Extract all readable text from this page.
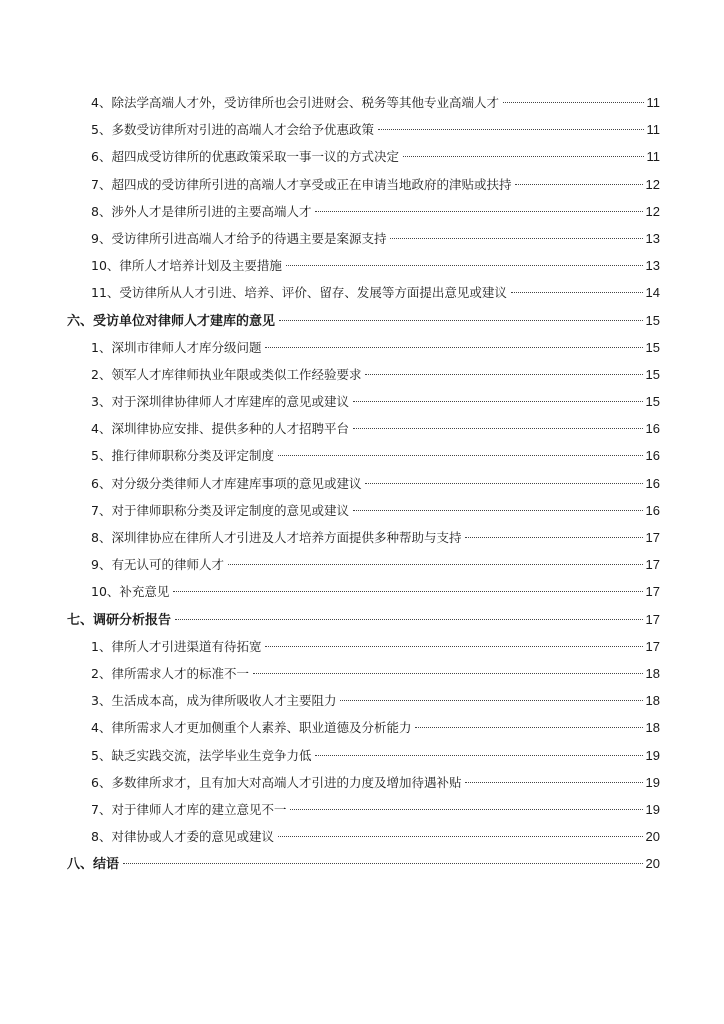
4、除法学高端人才外，受访律所也会引进财会、税务等其他专业高端人才	11
5、多数受访律所对引进的高端人才会给予优惠政策	11
6、超四成受访律所的优惠政策采取一事一议的方式决定	11
7、超四成的受访律所引进的高端人才享受或正在申请当地政府的津贴或扶持	12
8、涉外人才是律所引进的主要高端人才	12
9、受访律所引进高端人才给予的待遇主要是案源支持	13
10、律所人才培养计划及主要措施	13
11、受访律所从人才引进、培养、评价、留存、发展等方面提出意见或建议	14
六、受访单位对律师人才建库的意见	15
1、深圳市律师人才库分级问题	15
2、领军人才库律师执业年限或类似工作经验要求	15
3、对于深圳律协律师人才库建库的意见或建议	15
4、深圳律协应安排、提供多种的人才招聘平台	16
5、推行律师职称分类及评定制度	16
6、对分级分类律师人才库建库事项的意见或建议	16
7、对于律师职称分类及评定制度的意见或建议	16
8、深圳律协应在律所人才引进及人才培养方面提供多种帮助与支持	17
9、有无认可的律师人才	17
10、补充意见	17
七、调研分析报告	17
1、律所人才引进渠道有待拓宽	17
2、律所需求人才的标准不一	18
3、生活成本高，成为律所吸收人才主要阻力	18
4、律所需求人才更加侧重个人素养、职业道德及分析能力	18
5、缺乏实践交流，法学毕业生竞争力低	19
6、多数律所求才，且有加大对高端人才引进的力度及增加待遇补贴	19
7、对于律师人才库的建立意见不一	19
8、对律协或人才委的意见或建议	20
八、结语	20
